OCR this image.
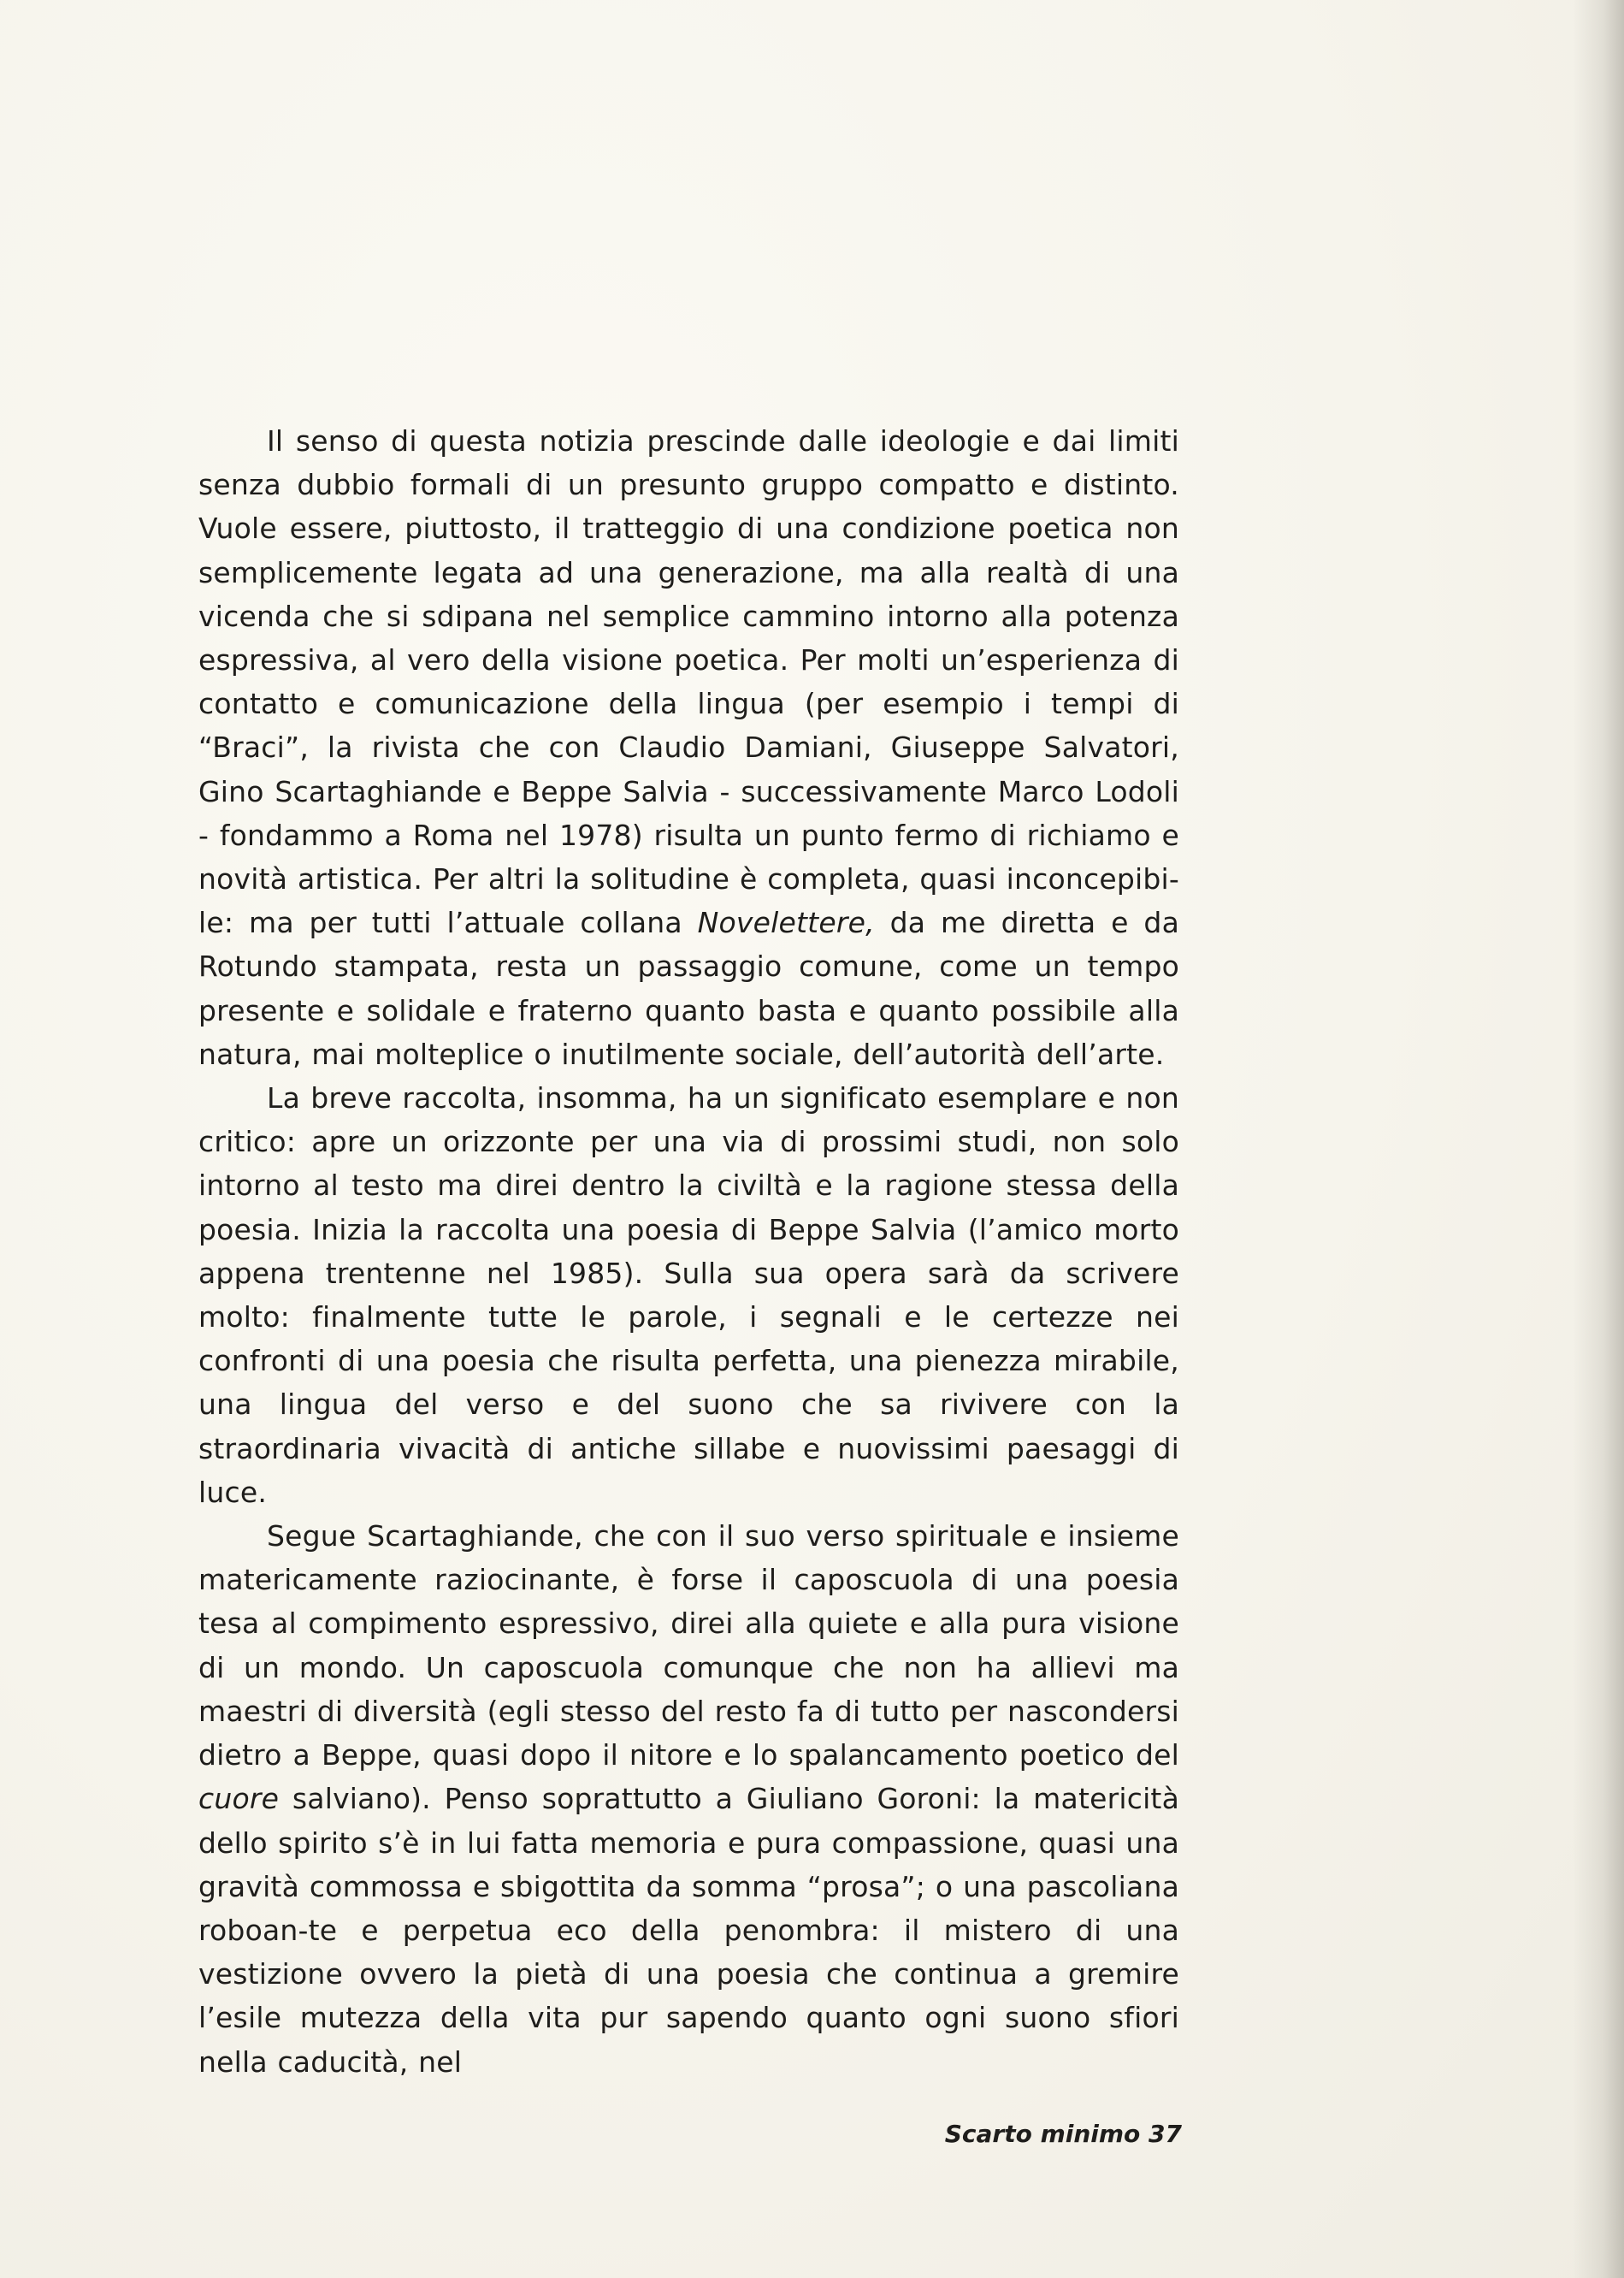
Il senso di questa notizia prescinde dalle ideologie e dai limiti senza dubbio formali di un presunto gruppo compatto e distinto. Vuole essere, piuttosto, il tratteggio di una condizione poetica non semplicemente legata ad una generazione, ma alla realtà di una vicenda che si sdipana nel semplice cammino intorno alla potenza espressiva, al vero della visione poetica. Per molti un’esperienza di contatto e comunicazione della lingua (per esempio i tempi di “Braci”, la rivista che con Claudio Damiani, Giuseppe Salvatori, Gino Scartaghiande e Beppe Salvia - successivamente Marco Lodoli - fondammo a Roma nel 1978) risulta un punto fermo di richiamo e novità artistica. Per altri la solitudine è completa, quasi inconcepibi-le: ma per tutti l’attuale collana Novelettere, da me diretta e da Rotundo stampata, resta un passaggio comune, come un tempo presente e solidale e fraterno quanto basta e quanto possibile alla natura, mai molteplice o inutilmente sociale, dell’autorità dell’arte.

La breve raccolta, insomma, ha un significato esemplare e non critico: apre un orizzonte per una via di prossimi studi, non solo intorno al testo ma direi dentro la civiltà e la ragione stessa della poesia. Inizia la raccolta una poesia di Beppe Salvia (l’amico morto appena trentenne nel 1985). Sulla sua opera sarà da scrivere molto: finalmente tutte le parole, i segnali e le certezze nei confronti di una poesia che risulta perfetta, una pienezza mirabile, una lingua del verso e del suono che sa rivivere con la straordinaria vivacità di antiche sillabe e nuovissimi paesaggi di luce.

Segue Scartaghiande, che con il suo verso spirituale e insieme matericamente raziocinante, è forse il caposcuola di una poesia tesa al compimento espressivo, direi alla quiete e alla pura visione di un mondo. Un caposcuola comunque che non ha allievi ma maestri di diversità (egli stesso del resto fa di tutto per nascondersi dietro a Beppe, quasi dopo il nitore e lo spalancamento poetico del cuore salviano). Penso soprattutto a Giuliano Goroni: la matericità dello spirito s’è in lui fatta memoria e pura compassione, quasi una gravità commossa e sbigottita da somma “prosa”; o una pascoliana roboan-te e perpetua eco della penombra: il mistero di una vestizione ovvero la pietà di una poesia che continua a gremire l’esile mutezza della vita pur sapendo quanto ogni suono sfiori nella caducità, nel

Scarto minimo 37
